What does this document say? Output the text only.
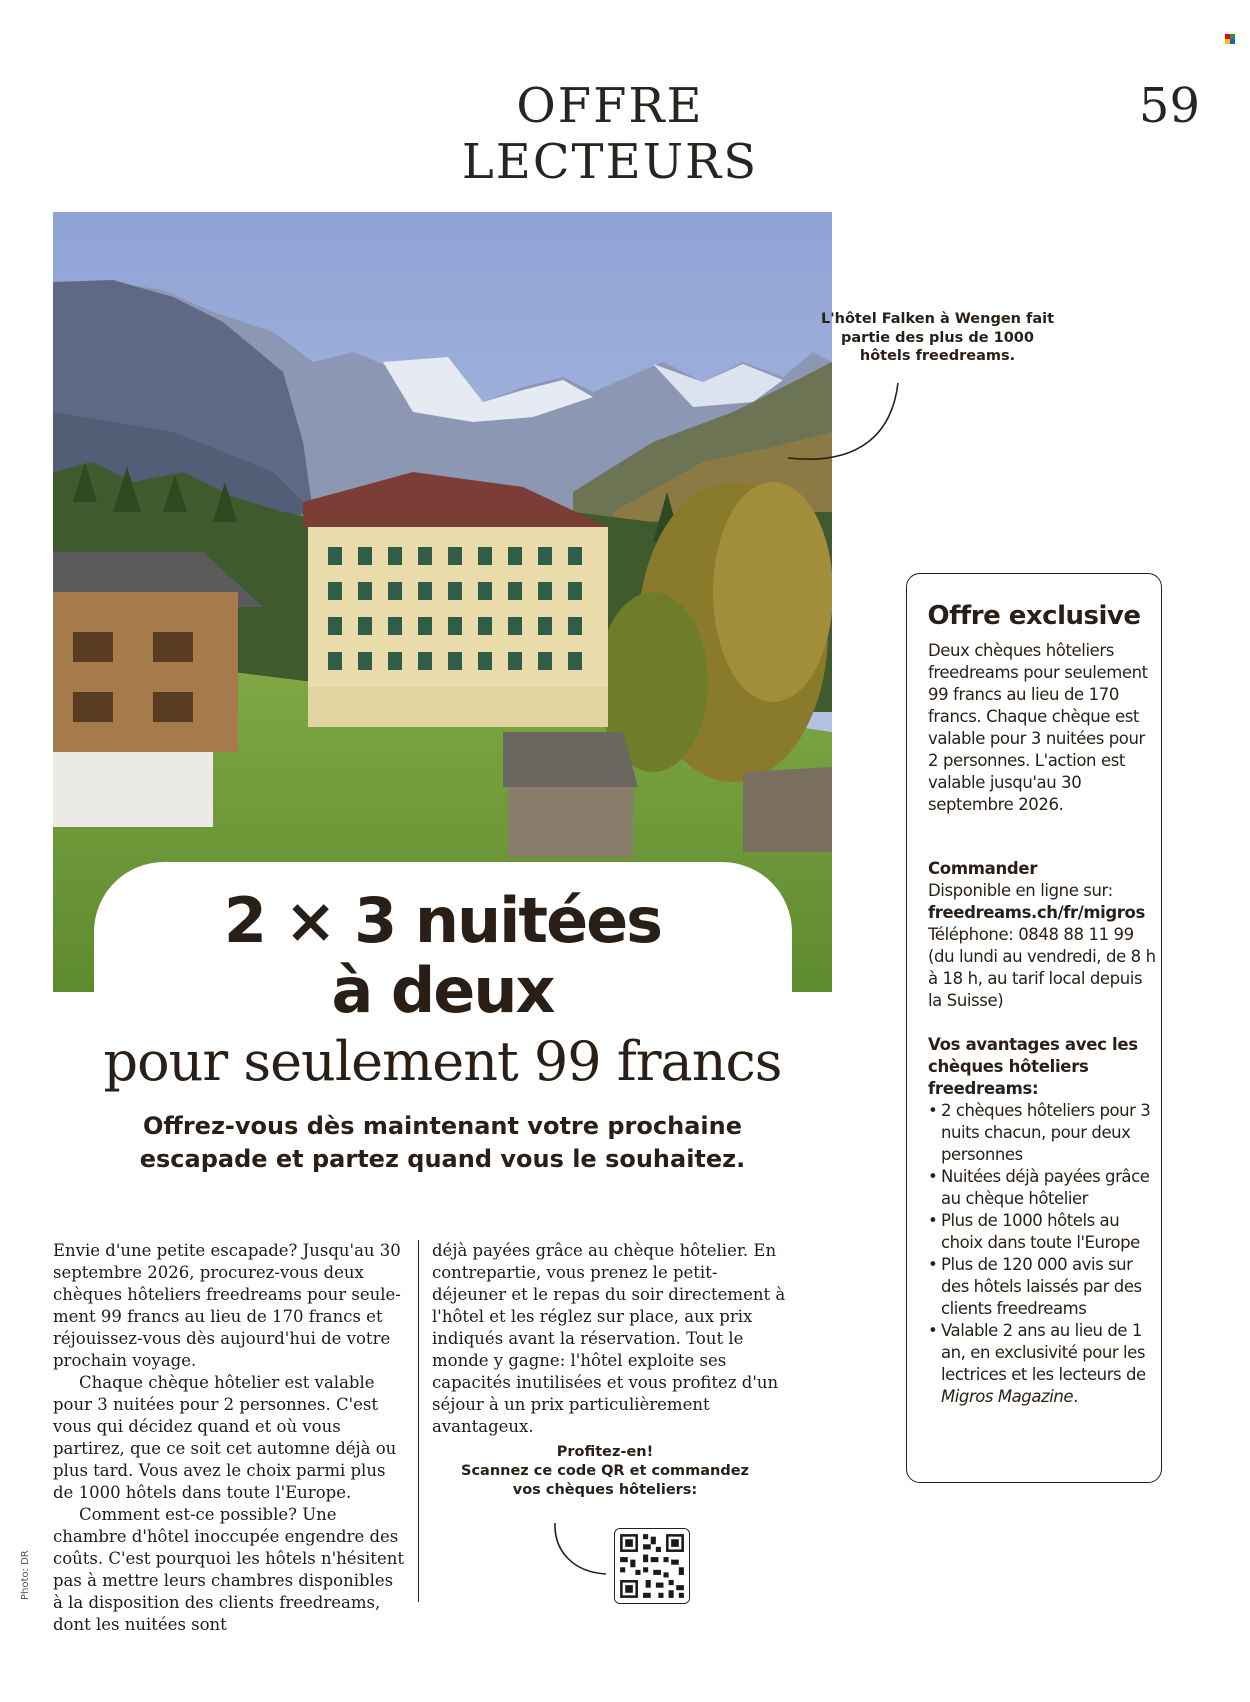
OFFRE LECTEURS
59
2 × 3 nuitées
à deux
pour seulement 99 francs
Offrez-vous dès maintenant votre prochaine escapade et partez quand vous le souhaitez.
L'hôtel Falken à Wengen fait partie des plus de 1000 hôtels freedreams.

Envie d'une petite escapade? Jusqu'au 30 septembre 2026, procurez-vous deux chèques hôteliers freedreams pour seulement 99 francs au lieu de 170 francs et réjouissez-vous dès aujourd'hui de votre prochain voyage.

Chaque chèque hôtelier est valable pour 3 nuitées pour 2 personnes. C'est vous qui décidez quand et où vous partirez, que ce soit cet automne déjà ou plus tard. Vous avez le choix parmi plus de 1000 hôtels dans toute l'Europe.

Comment est-ce possible? Une chambre d'hôtel inoccupée engendre des coûts. C'est pourquoi les hôtels n'hésitent pas à mettre leurs chambres disponibles à la disposition des clients freedreams, dont les nuitées sont

déjà payées grâce au chèque hôtelier. En contrepartie, vous prenez le petit-déjeuner et le repas du soir directement à l'hôtel et les réglez sur place, aux prix indiqués avant la réservation. Tout le monde y gagne: l'hôtel exploite ses capacités inutilisées et vous profitez d'un séjour à un prix particulièrement avantageux.

Profitez-en!
Scannez ce code QR et commandez
vos chèques hôteliers:
Photo: DR
Offre exclusive

Deux chèques hôteliers freedreams pour seulement 99 francs au lieu de 170 francs. Chaque chèque est valable pour 3 nuitées pour 2 personnes. L'action est valable jusqu'au 30 septembre 2026.

Commander
Disponible en ligne sur:
freedreams.ch/fr/migros
Téléphone: 0848 88 11 99
(du lundi au vendredi, de 8 h à 18 h, au tarif local depuis la Suisse)
Vos avantages avec les chèques hôteliers freedreams:
• 2 chèques hôteliers pour 3 nuits chacun, pour deux personnes
• Nuitées déjà payées grâce au chèque hôtelier
• Plus de 1000 hôtels au choix dans toute l'Europe
• Plus de 120 000 avis sur des hôtels laissés par des clients freedreams
• Valable 2 ans au lieu de 1 an, en exclusivité pour les lectrices et les lecteurs de Migros Magazine.
